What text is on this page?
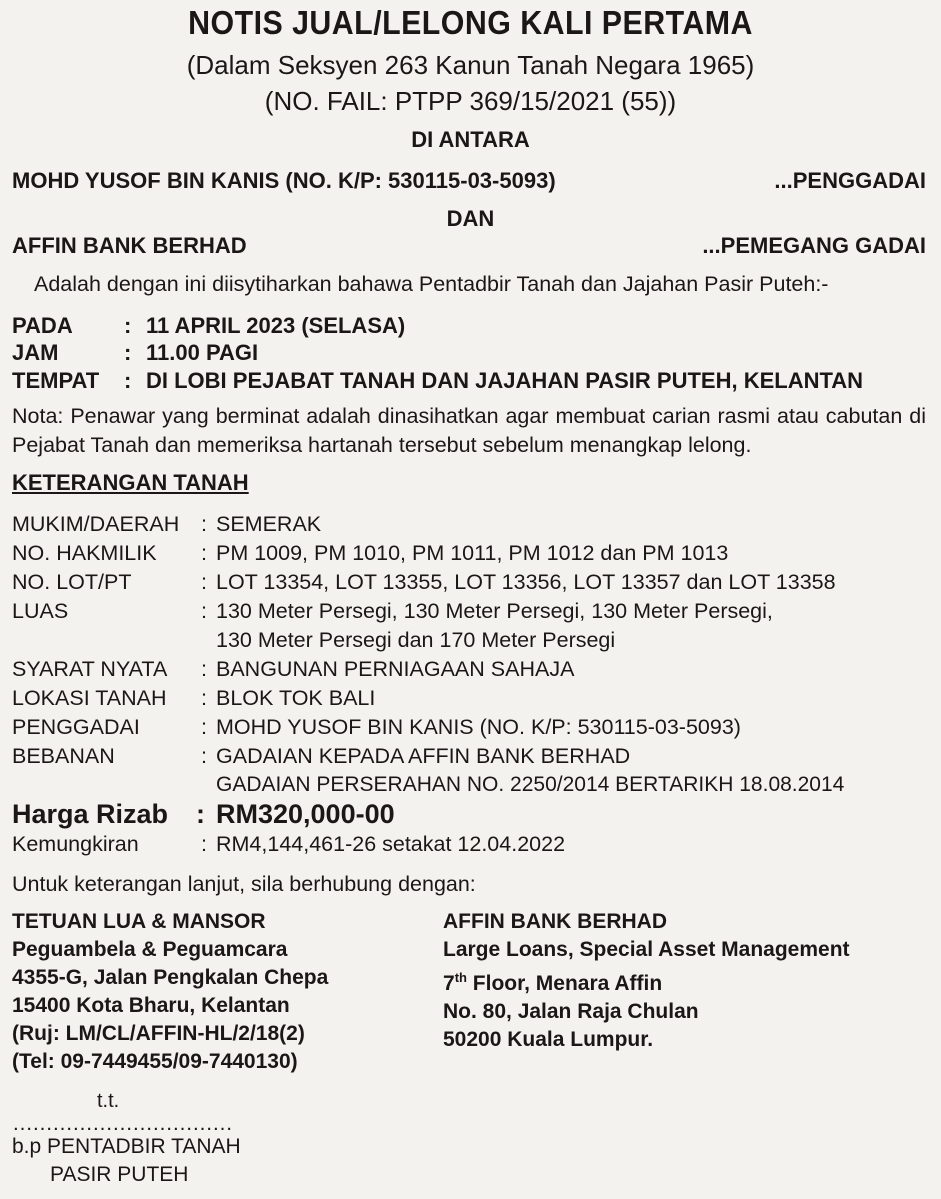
NOTIS JUAL/LELONG KALI PERTAMA
(Dalam Seksyen 263 Kanun Tanah Negara 1965)
(NO. FAIL: PTPP 369/15/2021 (55))
DI ANTARA
MOHD YUSOF BIN KANIS (NO. K/P: 530115-03-5093)	...PENGGADAI
DAN
AFFIN BANK BERHAD	...PEMEGANG GADAI
Adalah dengan ini diisytiharkan bahawa Pentadbir Tanah dan Jajahan Pasir Puteh:-
PADA : 11 APRIL 2023 (SELASA)
JAM	: 11.00 PAGI
TEMPAT : DI LOBI PEJABAT TANAH DAN JAJAHAN PASIR PUTEH, KELANTAN
Nota: Penawar yang berminat adalah dinasihatkan agar membuat carian rasmi atau cabutan di Pejabat Tanah dan memeriksa hartanah tersebut sebelum menangkap lelong.
KETERANGAN TANAH
MUKIM/DAERAH : SEMERAK
NO. HAKMILIK : PM 1009, PM 1010, PM 1011, PM 1012 dan PM 1013
NO. LOT/PT	: LOT 13354, LOT 13355, LOT 13356, LOT 13357 dan LOT 13358
LUAS	: 130 Meter Persegi, 130 Meter Persegi, 130 Meter Persegi,
130 Meter Persegi dan 170 Meter Persegi
SYARAT NYATA : BANGUNAN PERNIAGAAN SAHAJA
LOKASI TANAH : BLOK TOK BALI
PENGGADAI	: MOHD YUSOF BIN KANIS (NO. K/P: 530115-03-5093)
BEBANAN	: GADAIAN KEPADA AFFIN BANK BERHAD
GADAIAN PERSERAHAN NO. 2250/2014 BERTARIKH 18.08.2014
Harga Rizab : RM320,000-00
Kemungkiran	: RM4,144,461-26 setakat 12.04.2022
Untuk keterangan lanjut, sila berhubung dengan:
TETUAN LUA & MANSOR
Peguambela & Peguamcara
4355-G, Jalan Pengkalan Chepa
15400 Kota Bharu, Kelantan
(Ruj: LM/CL/AFFIN-HL/2/18(2)
(Tel: 09-7449455/09-7440130)
AFFIN BANK BERHAD
Large Loans, Special Asset Management
7th Floor, Menara Affin
No. 80, Jalan Raja Chulan
50200 Kuala Lumpur.
t.t.
……………………………
b.p PENTADBIR TANAH
PASIR PUTEH
